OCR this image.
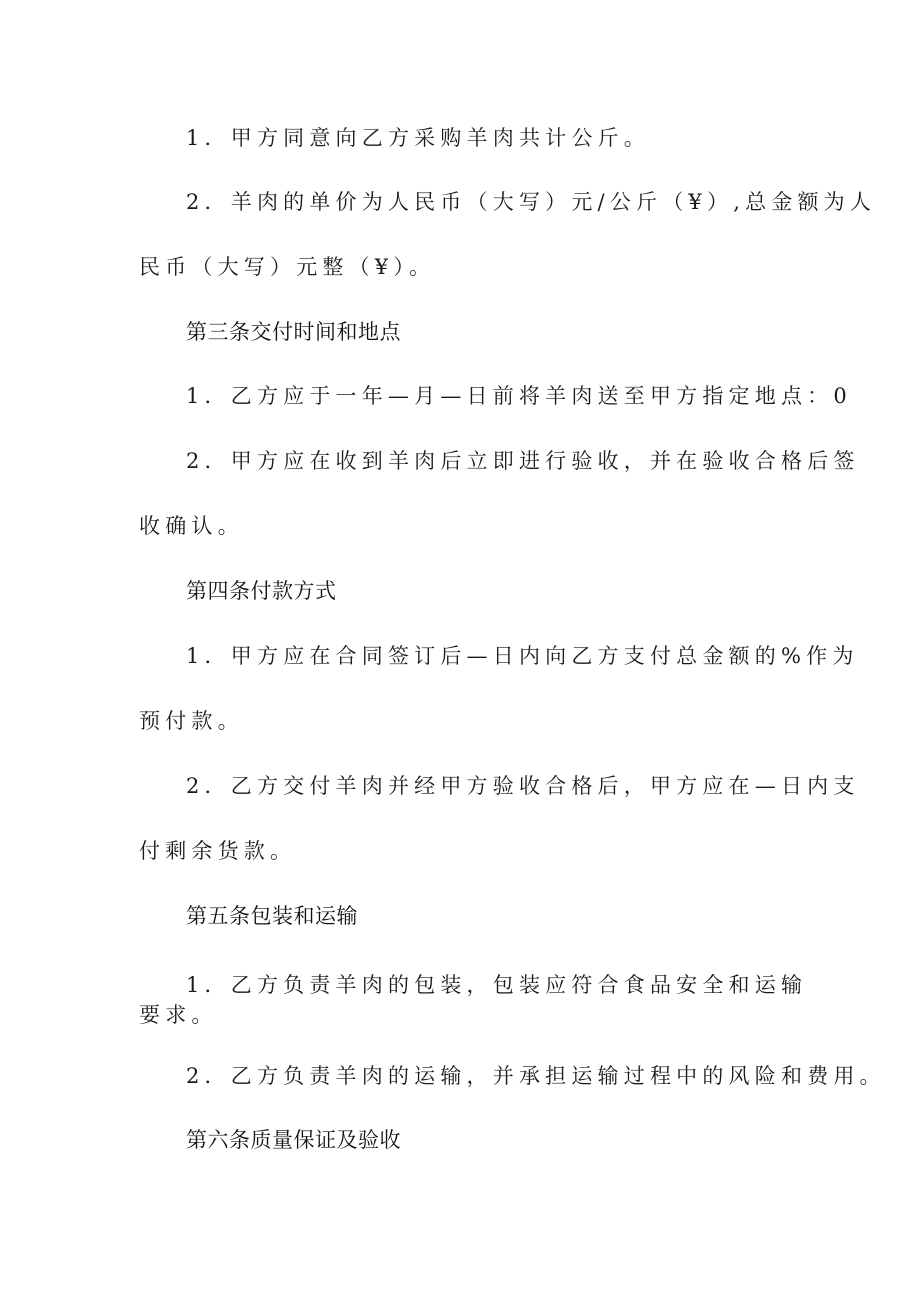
1．甲方同意向乙方采购羊肉共计公斤。
2．羊肉的单价为人民币（大写）元/公斤（¥）,总金额为人
民币（大写）元整（¥）。
第三条交付时间和地点
1．乙方应于一年—月—日前将羊肉送至甲方指定地点：0
2．甲方应在收到羊肉后立即进行验收，并在验收合格后签
收确认。
第四条付款方式
1．甲方应在合同签订后—日内向乙方支付总金额的%作为
预付款。
2．乙方交付羊肉并经甲方验收合格后，甲方应在—日内支
付剩余货款。
第五条包装和运输
1．乙方负责羊肉的包装，包装应符合食品安全和运输
要求。
2．乙方负责羊肉的运输，并承担运输过程中的风险和费用。
第六条质量保证及验收
